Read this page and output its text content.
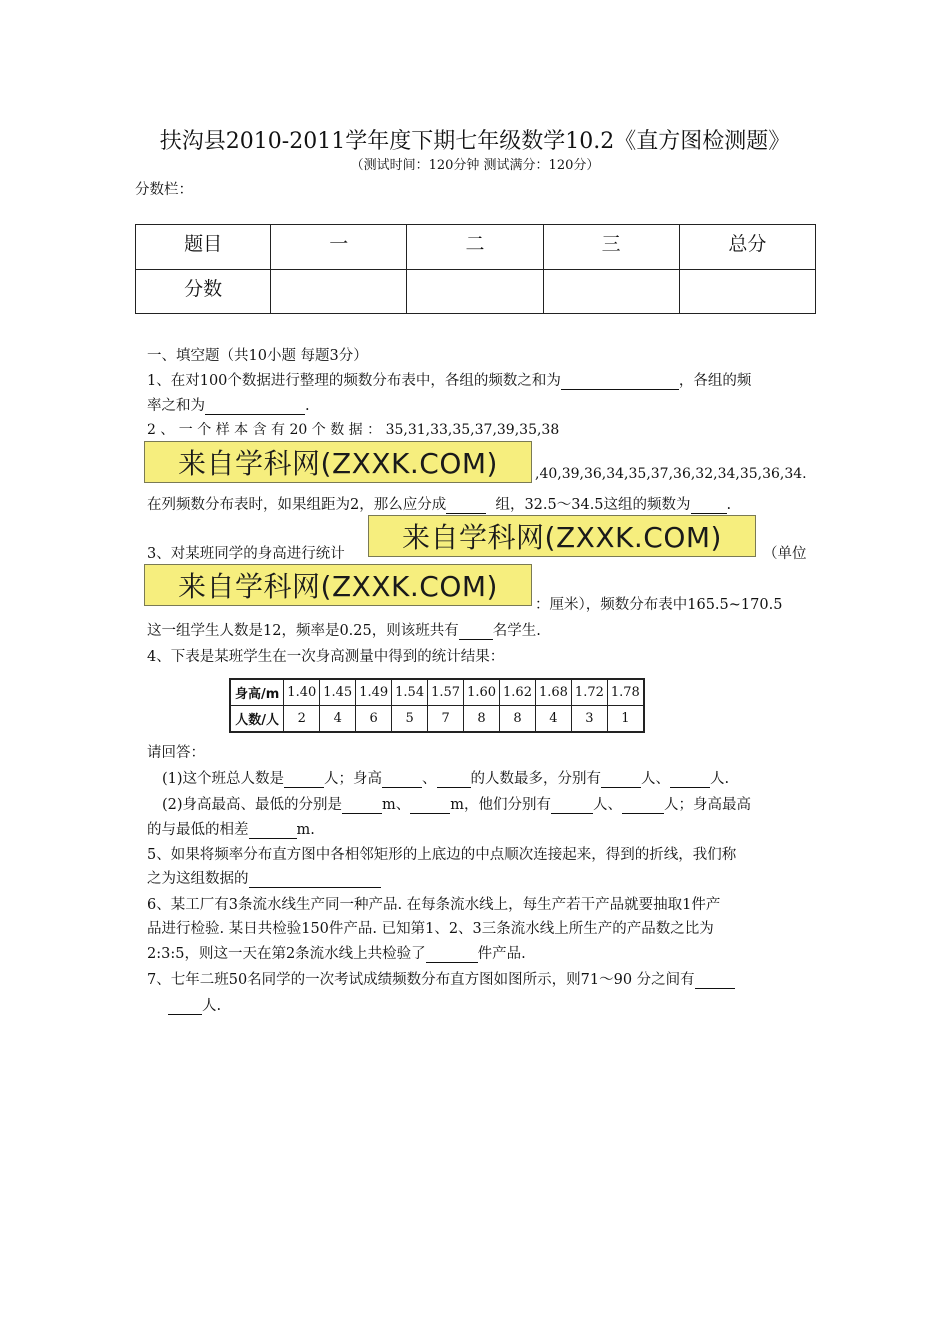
扶沟县2010-2011学年度下期七年级数学10.2《直方图检测题》
（测试时间：120分钟 测试满分：120分）
分数栏：
题目	一	二	三	总分
分数				
一、填空题（共10小题 每题3分）
1、在对100个数据进行整理的频数分布表中，各组的频数之和为	，各组的频
率之和为	.
2 、 一 个 样 本 含 有 20 个 数 据 ： 35,31,33,35,37,39,35,38
来自学科网(ZXXK.COM)	,40,39,36,34,35,37,36,32,34,35,36,34.
在列频数分布表时，如果组距为2，那么应分成	组，32.5～34.5这组的频数为 .
3、对某班同学的身高进行统计	来自学科网(ZXXK.COM)	（单位
来自学科网(ZXXK.COM)
：厘米），频数分布表中165.5~170.5
这一组学生人数是12，频率是0.25，则该班共有 名学生.
4、下表是某班学生在一次身高测量中得到的统计结果：
身高/m	1.40	1.45	1.49	1.54	1.57	1.60	1.62	1.68	1.72	1.78
人数/人	2	4	6	5	7	8	8	4	3	1
请回答：
(1)这个班总人数是	人；身高	、 的人数最多，分别有	人、	人.
(2)身高最高、最低的分别是	m、	m，他们分别有	人、	人；身高最高
的与最低的相差	m.
5、如果将频率分布直方图中各相邻矩形的上底边的中点顺次连接起来，得到的折线，我们称
之为这组数据的
6、某工厂有3条流水线生产同一种产品. 在每条流水线上，每生产若干产品就要抽取1件产
品进行检验. 某日共检验150件产品. 已知第1、2、3三条流水线上所生产的产品数之比为
2:3:5，则这一天在第2条流水线上共检验了	件产品.
7、七年二班50名同学的一次考试成绩频数分布直方图如图所示，则71～90 分之间有
人.
